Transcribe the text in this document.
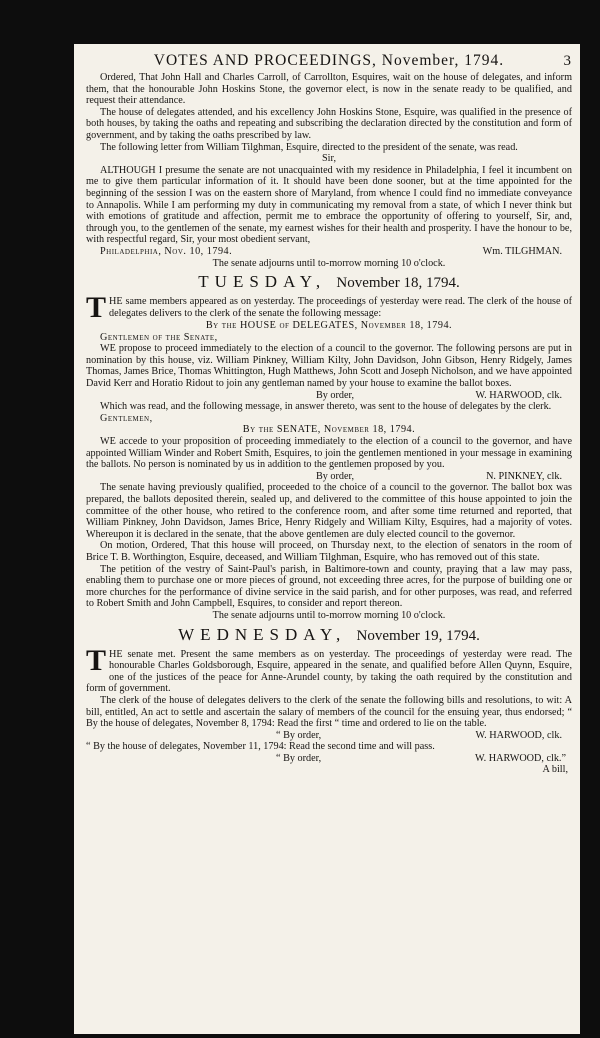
VOTES AND PROCEEDINGS, November, 1794.	3

Ordered, That John Hall and Charles Carroll, of Carrollton, Esquires, wait on the house of delegates, and inform them, that the honourable John Hoskins Stone, the governor elect, is now in the senate ready to be qualified, and request their attendance.

The house of delegates attended, and his excellency John Hoskins Stone, Esquire, was qualified in the presence of both houses, by taking the oaths and repeating and subscribing the declaration directed by the constitution and form of government, and by taking the oaths prescribed by law.

The following letter from William Tilghman, Esquire, directed to the president of the senate, was read.

Sir,

ALTHOUGH I presume the senate are not unacquainted with my residence in Philadelphia, I feel it incumbent on me to give them particular information of it. It should have been done sooner, but at the time appointed for the beginning of the session I was on the eastern shore of Maryland, from whence I could find no immediate conveyance to Annapolis. While I am performing my duty in communicating my removal from a state, of which I never think but with emotions of gratitude and affection, permit me to embrace the opportunity of offering to yourself, Sir, and, through you, to the gentlemen of the senate, my earnest wishes for their health and prosperity. I have the honour to be, with respectful regard, Sir, your most obedient servant,

Philadelphia, Nov. 10, 1794.	Wm. TILGHMAN.

The senate adjourns until to-morrow morning 10 o'clock.

TUESDAY, November 18, 1794.

T HE same members appeared as on yesterday. The proceedings of yesterday were read. The clerk of the house of delegates delivers to the clerk of the senate the following message:

By the HOUSE of DELEGATES, November 18, 1794.

Gentlemen of the Senate,

WE propose to proceed immediately to the election of a council to the governor. The following persons are put in nomination by this house, viz. William Pinkney, William Kilty, John Davidson, John Gibson, Henry Ridgely, James Thomas, James Brice, Thomas Whittington, Hugh Matthews, John Scott and Joseph Nicholson, and we have appointed David Kerr and Horatio Ridout to join any gentleman named by your house to examine the ballot boxes.

By order,	W. HARWOOD, clk.

Which was read, and the following message, in answer thereto, was sent to the house of delegates by the clerk.

Gentlemen,

By the SENATE, November 18, 1794.

WE accede to your proposition of proceeding immediately to the election of a council to the governor, and have appointed William Winder and Robert Smith, Esquires, to join the gentlemen mentioned in your message in examining the ballots. No person is nominated by us in addition to the gentlemen proposed by you.

By order,	N. PINKNEY, clk.

The senate having previously qualified, proceeded to the choice of a council to the governor. The ballot box was prepared, the ballots deposited therein, sealed up, and delivered to the committee of this house appointed to join the committee of the other house, who retired to the conference room, and after some time returned and reported, that William Pinkney, John Davidson, James Brice, Henry Ridgely and William Kilty, Esquires, had a majority of votes. Whereupon it is declared in the senate, that the above gentlemen are duly elected council to the governor.

On motion, Ordered, That this house will proceed, on Thursday next, to the election of senators in the room of Brice T. B. Worthington, Esquire, deceased, and William Tilghman, Esquire, who has removed out of this state.

The petition of the vestry of Saint-Paul's parish, in Baltimore-town and county, praying that a law may pass, enabling them to purchase one or more pieces of ground, not exceeding three acres, for the purpose of building one or more churches for the performance of divine service in the said parish, and for other purposes, was read, and referred to Robert Smith and John Campbell, Esquires, to consider and report thereon.

The senate adjourns until to-morrow morning 10 o'clock.

WEDNESDAY, November 19, 1794.

T HE senate met. Present the same members as on yesterday. The proceedings of yesterday were read. The honourable Charles Goldsborough, Esquire, appeared in the senate, and qualified before Allen Quynn, Esquire, one of the justices of the peace for Anne-Arundel county, by taking the oath required by the constitution and form of government.

The clerk of the house of delegates delivers to the clerk of the senate the following bills and resolutions, to wit: A bill, entitled, An act to settle and ascertain the salary of members of the council for the ensuing year, thus endorsed; “ By the house of delegates, November 8, 1794: Read the first “ time and ordered to lie on the table.

“ By order,	W. HARWOOD, clk.

“ By the house of delegates, November 11, 1794: Read the second time and will pass.

“ By order,	W. HARWOOD, clk.”
A bill,
